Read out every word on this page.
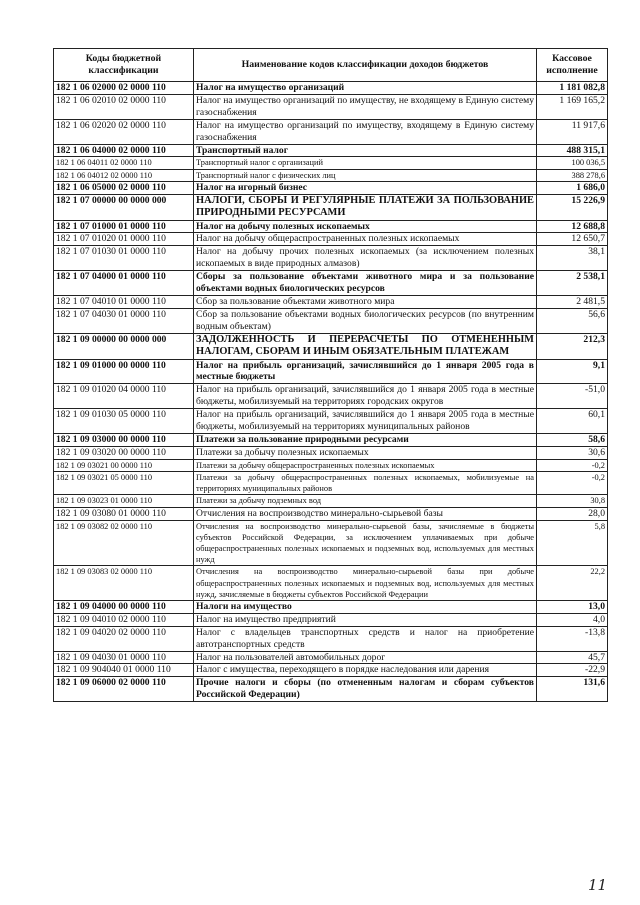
Коды бюджетной классификации	Наименование кодов классификации доходов бюджетов	Кассовое исполнение
182 1 06 02000 02 0000 110	Налог на имущество организаций	1 181 082,8
182 1 06 02010 02 0000 110	Налог на имущество организаций по имуществу, не входящему в Единую систему газоснабжения	1 169 165,2
182 1 06 02020 02 0000 110	Налог на имущество организаций по имуществу, входящему в Единую систему газоснабжения	11 917,6
182 1 06 04000 02 0000 110	Транспортный налог	488 315,1
182 1 06 04011 02 0000 110	Транспортный налог с организаций	100 036,5
182 1 06 04012 02 0000 110	Транспортный налог с физических лиц	388 278,6
182 1 06 05000 02 0000 110	Налог на игорный бизнес	1 686,0
182 1 07 00000 00 0000 000	НАЛОГИ, СБОРЫ И РЕГУЛЯРНЫЕ ПЛАТЕЖИ ЗА ПОЛЬЗОВАНИЕ ПРИРОДНЫМИ РЕСУРСАМИ	15 226,9
182 1 07 01000 01 0000 110	Налог на добычу полезных ископаемых	12 688,8
182 1 07 01020 01 0000 110	Налог на добычу общераспространенных полезных ископаемых	12 650,7
182 1 07 01030 01 0000 110	Налог на добычу прочих полезных ископаемых (за исключением полезных ископаемых в виде природных алмазов)	38,1
182 1 07 04000 01 0000 110	Сборы за пользование объектами животного мира и за пользование объектами водных биологических ресурсов	2 538,1
182 1 07 04010 01 0000 110	Сбор за пользование объектами животного мира	2 481,5
182 1 07 04030 01 0000 110	Сбор за пользование объектами водных биологических ресурсов (по внутренним водным объектам)	56,6
182 1 09 00000 00 0000 000	ЗАДОЛЖЕННОСТЬ И ПЕРЕРАСЧЕТЫ ПО ОТМЕНЕННЫМ НАЛОГАМ, СБОРАМ И ИНЫМ ОБЯЗАТЕЛЬНЫМ ПЛАТЕЖАМ	212,3
182 1 09 01000 00 0000 110	Налог на прибыль организаций, зачислявшийся до 1 января 2005 года в местные бюджеты	9,1
182 1 09 01020 04 0000 110	Налог на прибыль организаций, зачислявшийся до 1 января 2005 года в местные бюджеты, мобилизуемый на территориях городских округов	-51,0
182 1 09 01030 05 0000 110	Налог на прибыль организаций, зачислявшийся до 1 января 2005 года в местные бюджеты, мобилизуемый на территориях муниципальных районов	60,1
182 1 09 03000 00 0000 110	Платежи за пользование природными ресурсами	58,6
182 1 09 03020 00 0000 110	Платежи за добычу полезных ископаемых	30,6
182 1 09 03021 00 0000 110	Платежи за добычу общераспространенных полезных ископаемых	-0,2
182 1 09 03021 05 0000 110	Платежи за добычу общераспространенных полезных ископаемых, мобилизуемые на территориях муниципальных районов	-0,2
182 1 09 03023 01 0000 110	Платежи за добычу подземных вод	30,8
182 1 09 03080 01 0000 110	Отчисления на воспроизводство минерально-сырьевой базы	28,0
182 1 09 03082 02 0000 110	Отчисления на воспроизводство минерально-сырьевой базы, зачисляемые в бюджеты субъектов Российской Федерации, за исключением уплачиваемых при добыче общераспространенных полезных ископаемых и подземных вод, используемых для местных нужд	5,8
182 1 09 03083 02 0000 110	Отчисления на воспроизводство минерально-сырьевой базы при добыче общераспространенных полезных ископаемых и подземных вод, используемых для местных нужд, зачисляемые в бюджеты субъектов Российской Федерации	22,2
182 1 09 04000 00 0000 110	Налоги на имущество	13,0
182 1 09 04010 02 0000 110	Налог на имущество предприятий	4,0
182 1 09 04020 02 0000 110	Налог с владельцев транспортных средств и налог на приобретение автотранспортных средств	-13,8
182 1 09 04030 01 0000 110	Налог на пользователей автомобильных дорог	45,7
182 1 09 904040 01 0000 110	Налог с имущества, переходящего в порядке наследования или дарения	-22,9
182 1 09 06000 02 0000 110	Прочие налоги и сборы (по отмененным налогам и сборам субъектов Российской Федерации)	131,6
11
